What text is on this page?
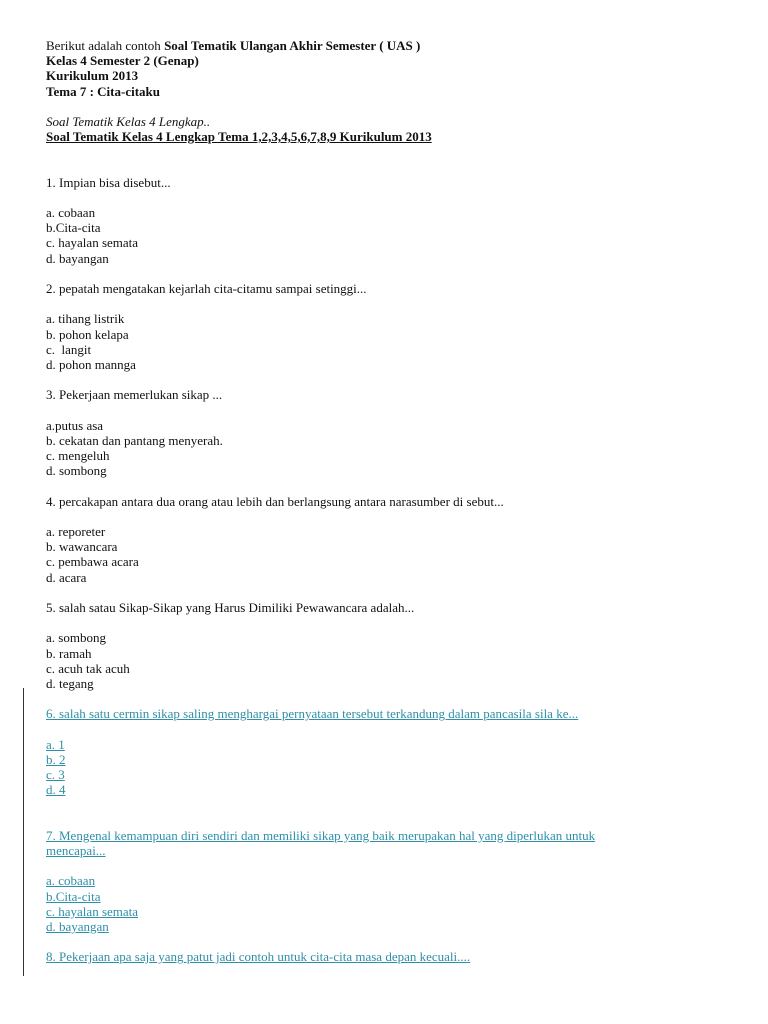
Berikut adalah contoh Soal Tematik Ulangan Akhir Semester ( UAS )
Kelas 4 Semester 2 (Genap)
Kurikulum 2013
Tema 7 : Cita-citaku
Soal Tematik Kelas 4 Lengkap..
Soal Tematik Kelas 4 Lengkap Tema 1,2,3,4,5,6,7,8,9 Kurikulum 2013
1. Impian bisa disebut...
a. cobaan
b.Cita-cita
c. hayalan semata
d. bayangan
2. pepatah mengatakan kejarlah cita-citamu sampai setinggi...
a. tihang listrik
b. pohon kelapa
c.  langit
d. pohon mannga
3. Pekerjaan memerlukan sikap ...
a.putus asa
b. cekatan dan pantang menyerah.
c. mengeluh
d. sombong
4. percakapan antara dua orang atau lebih dan berlangsung antara narasumber di sebut...
a. reporeter
b. wawancara
c. pembawa acara
d. acara
5. salah satau Sikap-Sikap yang Harus Dimiliki Pewawancara adalah...
a. sombong
b. ramah
c. acuh tak acuh
d. tegang
6. salah satu cermin sikap saling menghargai pernyataan tersebut terkandung dalam pancasila sila ke...
a. 1
b. 2
c. 3
d. 4
7. Mengenal kemampuan diri sendiri dan memiliki sikap yang baik merupakan hal yang diperlukan untuk
mencapai...
a. cobaan
b.Cita-cita
c. hayalan semata
d. bayangan
8. Pekerjaan apa saja yang patut jadi contoh untuk cita-cita masa depan kecuali....
